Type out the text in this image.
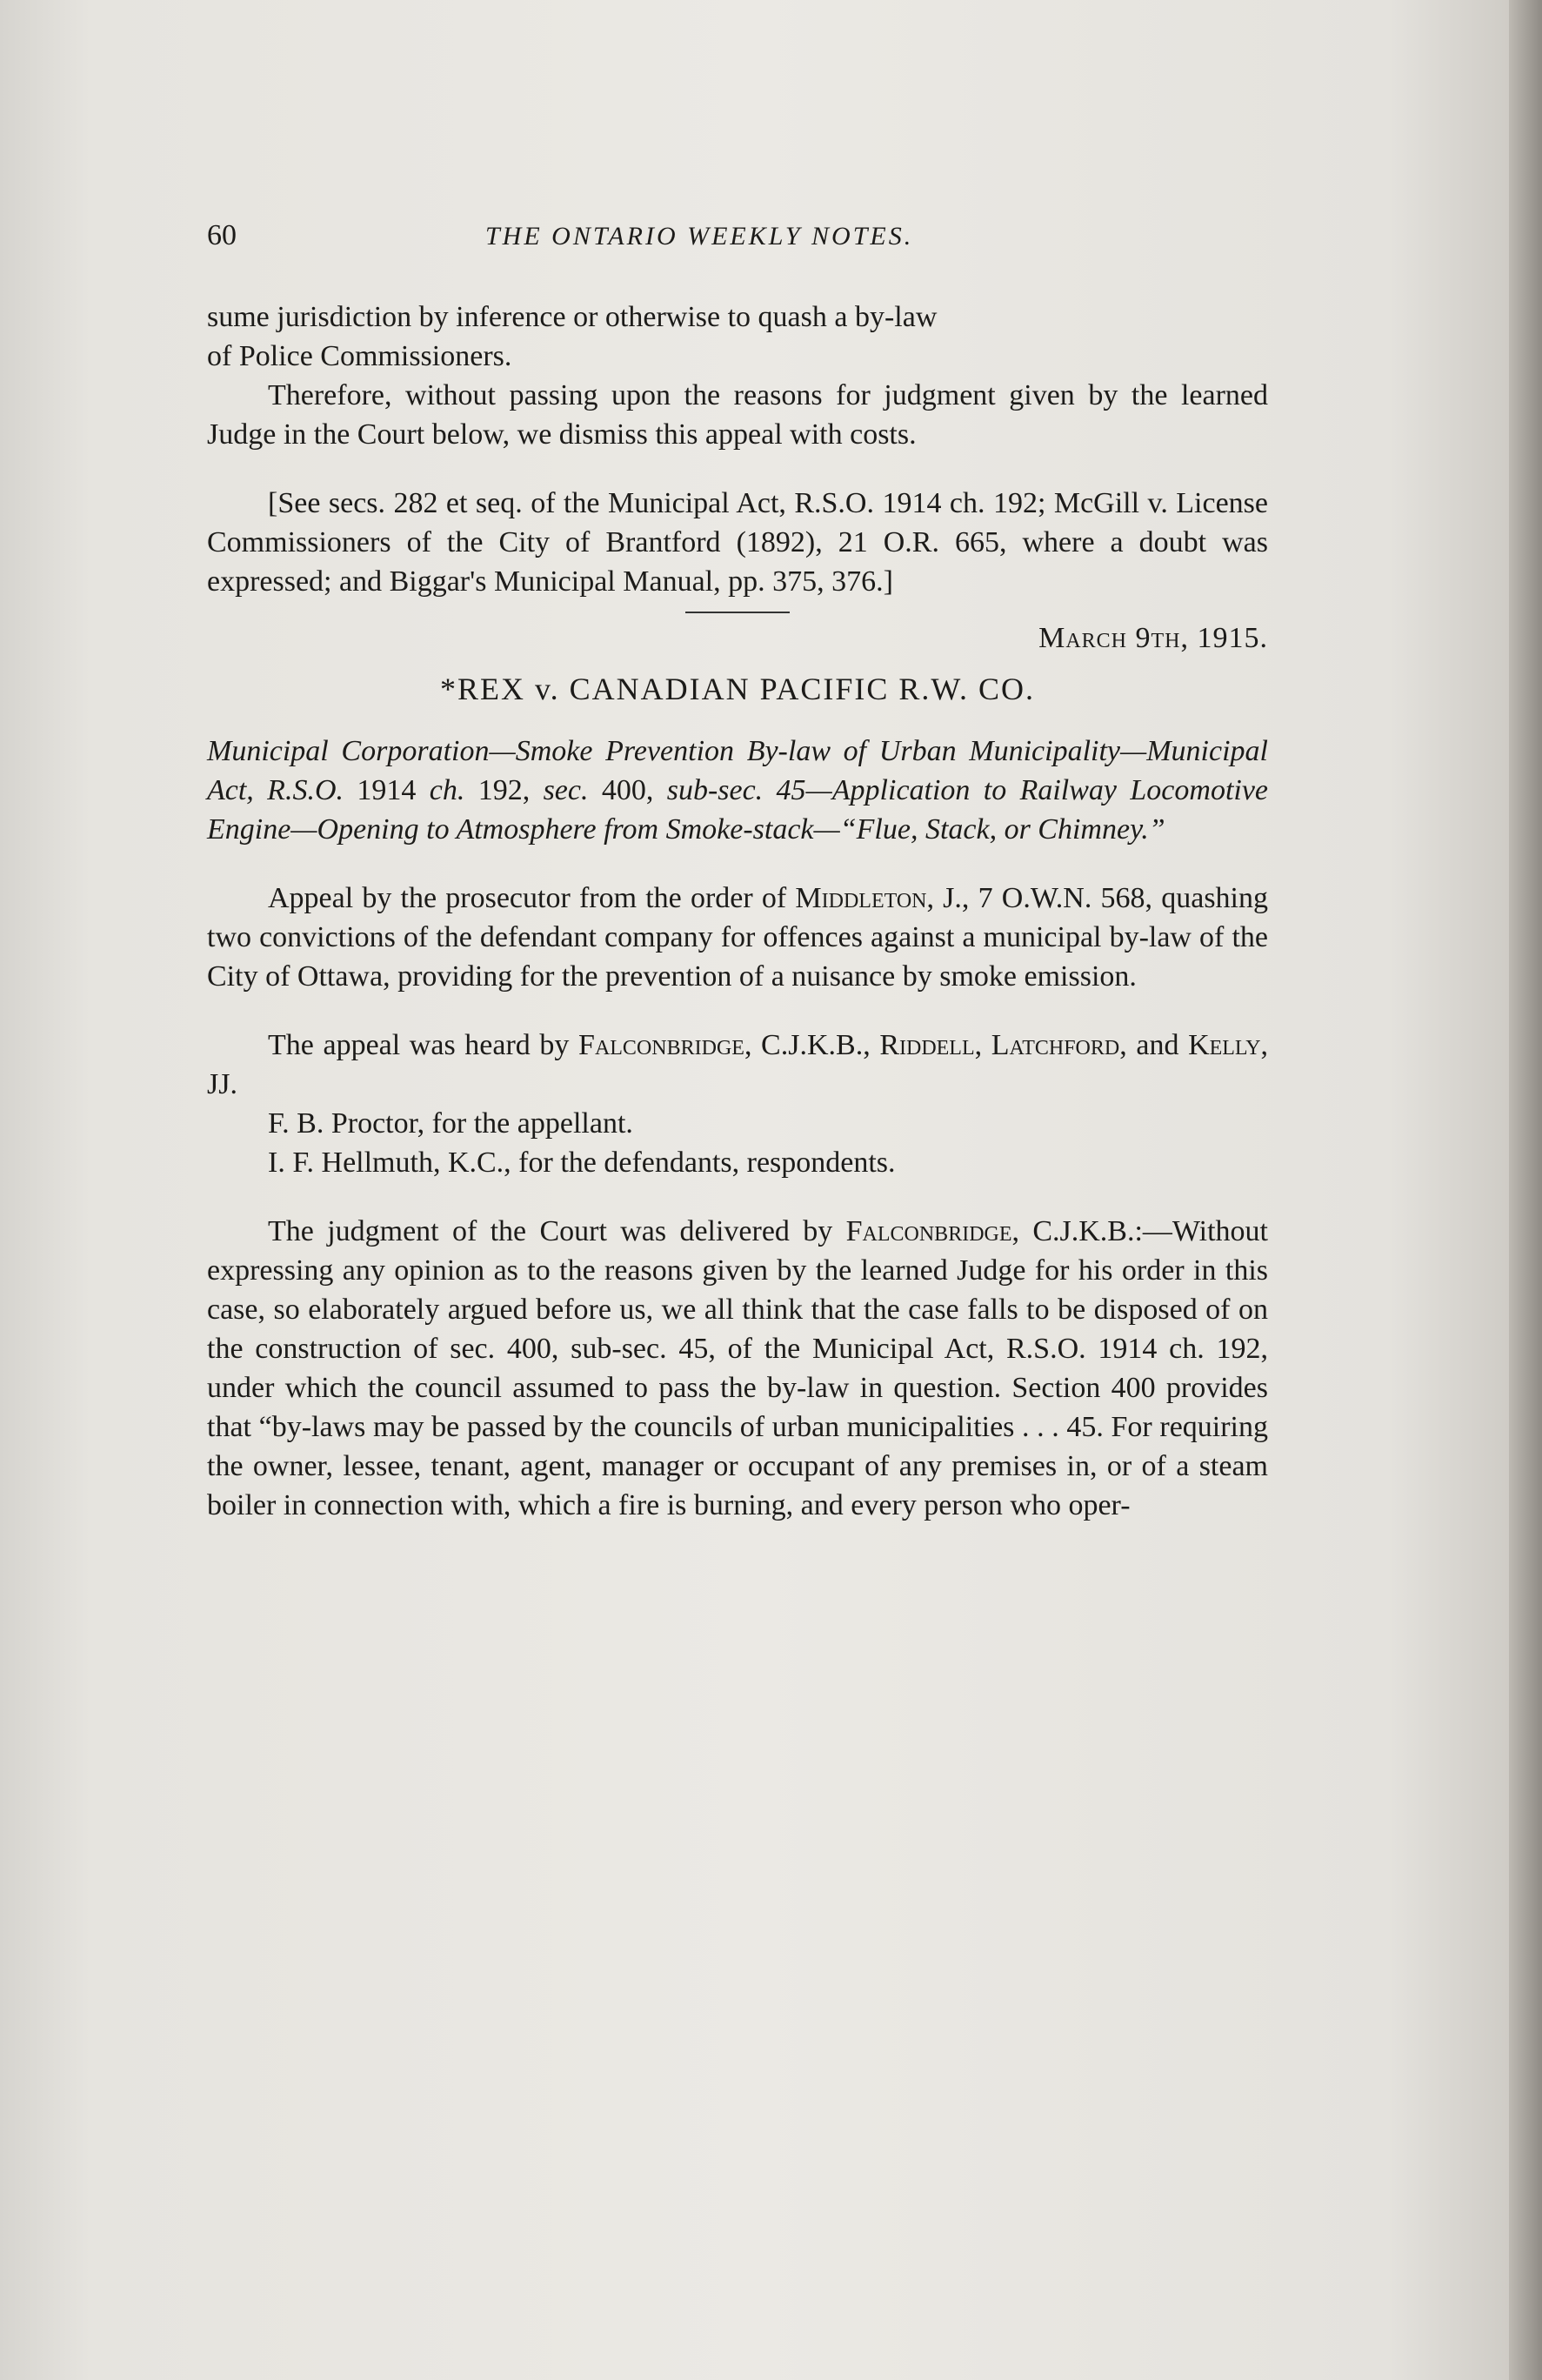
60	THE ONTARIO WEEKLY NOTES.

sume jurisdiction by inference or otherwise to quash a by-law
of Police Commissioners.

Therefore, without passing upon the reasons for judgment given by the learned Judge in the Court below, we dismiss this appeal with costs.

[See secs. 282 et seq. of the Municipal Act, R.S.O. 1914 ch. 192; McGill v. License Commissioners of the City of Brantford (1892), 21 O.R. 665, where a doubt was expressed; and Biggar's Municipal Manual, pp. 375, 376.]

March 9th, 1915.

*REX v. CANADIAN PACIFIC R.W. CO.

Municipal Corporation—Smoke Prevention By-law of Urban Municipality—Municipal Act, R.S.O. 1914 ch. 192, sec. 400, sub-sec. 45—Application to Railway Locomotive Engine—Opening to Atmosphere from Smoke-stack—“Flue, Stack, or Chimney.”

Appeal by the prosecutor from the order of Middleton, J., 7 O.W.N. 568, quashing two convictions of the defendant company for offences against a municipal by-law of the City of Ottawa, providing for the prevention of a nuisance by smoke emission.

The appeal was heard by Falconbridge, C.J.K.B., Riddell, Latchford, and Kelly, JJ.

F. B. Proctor, for the appellant.

I. F. Hellmuth, K.C., for the defendants, respondents.

The judgment of the Court was delivered by Falconbridge, C.J.K.B.:—Without expressing any opinion as to the reasons given by the learned Judge for his order in this case, so elaborately argued before us, we all think that the case falls to be disposed of on the construction of sec. 400, sub-sec. 45, of the Municipal Act, R.S.O. 1914 ch. 192, under which the council assumed to pass the by-law in question. Section 400 provides that “by-laws may be passed by the councils of urban municipalities . . . 45. For requiring the owner, lessee, tenant, agent, manager or occupant of any premises in, or of a steam boiler in connection with, which a fire is burning, and every person who oper-
